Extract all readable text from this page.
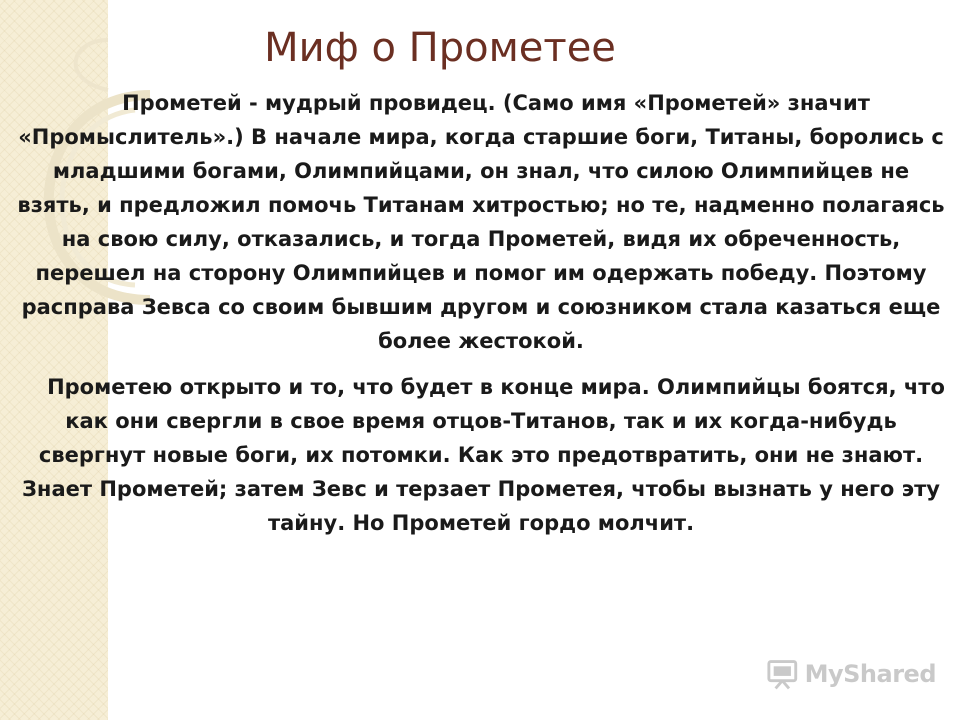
Миф о Прометее

Прометей - мудрый провидец. (Само имя «Прометей» значит «Промыслитель».) В начале мира, когда старшие боги, Титаны, боролись с младшими богами, Олимпийцами, он знал, что силою Олимпийцев не взять, и предложил помочь Титанам хитростью; но те, надменно полагаясь на свою силу, отказались, и тогда Прометей, видя их обреченность, перешел на сторону Олимпийцев и помог им одержать победу. Поэтому расправа Зевса со своим бывшим другом и союзником стала казаться еще более жестокой.

Прометею открыто и то, что будет в конце мира. Олимпийцы боятся, что как они свергли в свое время отцов-Титанов, так и их когда-нибудь свергнут новые боги, их потомки. Как это предотвратить, они не знают. Знает Прометей; затем Зевс и терзает Прометея, чтобы вызнать у него эту тайну. Но Прометей гордо молчит.

MyShared
